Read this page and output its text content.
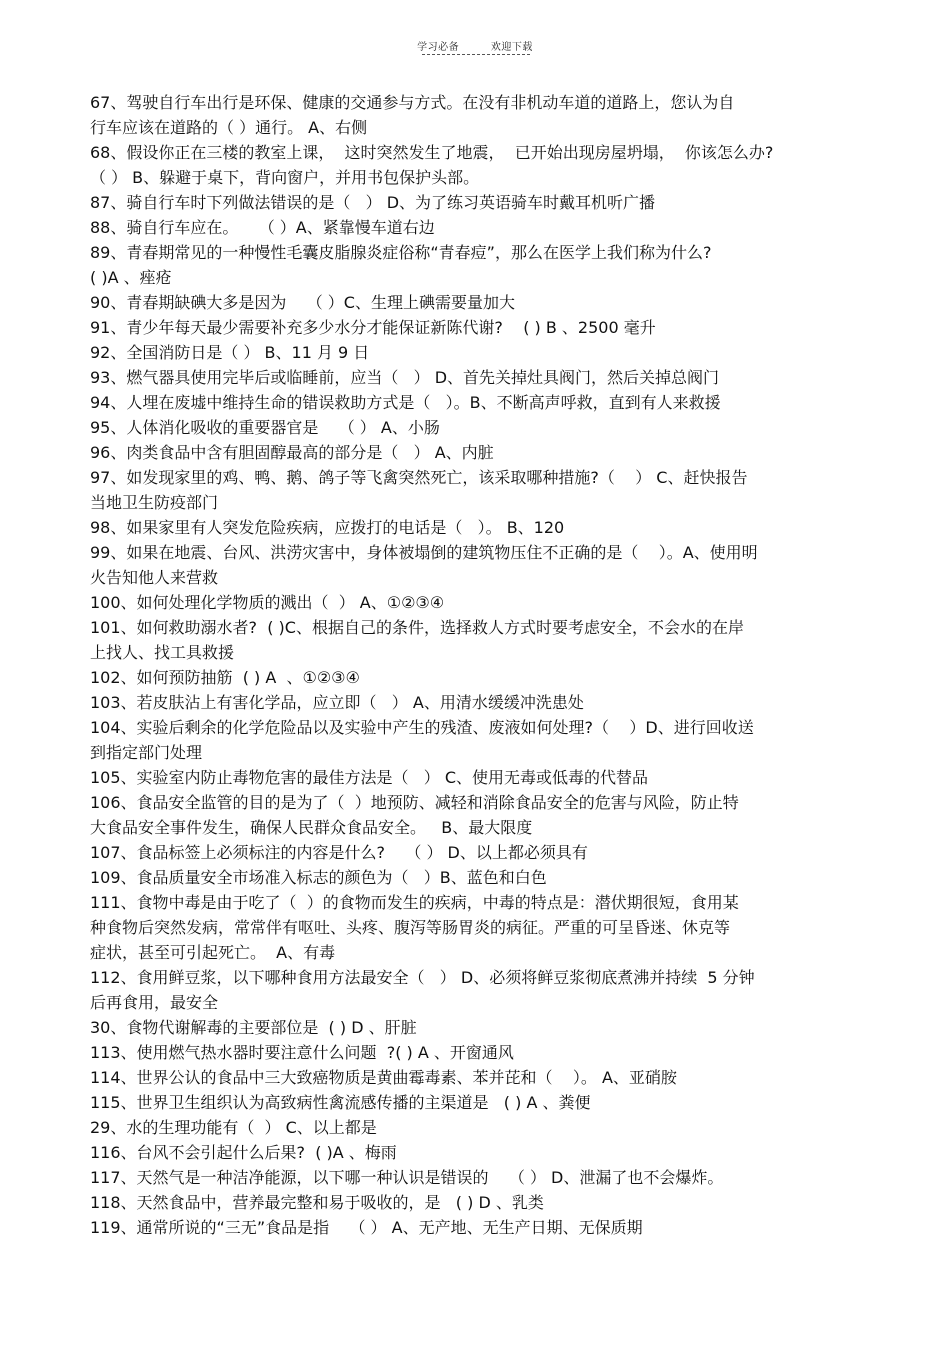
学习必备	欢迎下载
67、驾驶自行车出行是环保、健康的交通参与方式。在没有非机动车道的道路上，您认为自
行车应该在道路的（ ）通行。 A、右侧
68、假设你正在三楼的教室上课，  这时突然发生了地震，  已开始出现房屋坍塌，  你该怎么办?
（ ） B、躲避于桌下，背向窗户，并用书包保护头部。
87、骑自行车时下列做法错误的是（   ） D、为了练习英语骑车时戴耳机听广播
88、骑自行车应在。    （ ）A、紧靠慢车道右边
89、青春期常见的一种慢性毛囊皮脂腺炎症俗称“青春痘”，那么在医学上我们称为什么?
( )A 、痤疮
90、青春期缺碘大多是因为    （ ）C、生理上碘需要量加大
91、青少年每天最少需要补充多少水分才能保证新陈代谢?    ( ) B 、2500 毫升
92、全国消防日是（ ） B、11 月 9 日
93、燃气器具使用完毕后或临睡前，应当（   ） D、首先关掉灶具阀门，然后关掉总阀门
94、人埋在废墟中维持生命的错误救助方式是（   ）。B、不断高声呼救，直到有人来救援
95、人体消化吸收的重要器官是    （ ） A、小肠
96、肉类食品中含有胆固醇最高的部分是（   ） A、内脏
97、如发现家里的鸡、鸭、鹅、鸽子等飞禽突然死亡，该采取哪种措施?（    ） C、赶快报告
当地卫生防疫部门
98、如果家里有人突发危险疾病，应拨打的电话是（   ）。 B、120
99、如果在地震、台风、洪涝灾害中，身体被塌倒的建筑物压住不正确的是（    ）。A、使用明
火告知他人来营救
100、如何处理化学物质的溅出（  ） A、①②③④
101、如何救助溺水者?  ( )C、根据自己的条件，选择救人方式时要考虑安全，不会水的在岸
上找人、找工具救援
102、如何预防抽筋  ( ) A  、①②③④
103、若皮肤沾上有害化学品，应立即（   ） A、用清水缓缓冲洗患处
104、实验后剩余的化学危险品以及实验中产生的残渣、废液如何处理?（    ）D、进行回收送
到指定部门处理
105、实验室内防止毒物危害的最佳方法是（   ） C、使用无毒或低毒的代替品
106、食品安全监管的目的是为了（  ）地预防、减轻和消除食品安全的危害与风险，防止特
大食品安全事件发生，确保人民群众食品安全。   B、最大限度
107、食品标签上必须标注的内容是什么?    （ ） D、以上都必须具有
109、食品质量安全市场准入标志的颜色为（   ）B、蓝色和白色
111、食物中毒是由于吃了（  ）的食物而发生的疾病，中毒的特点是：潜伏期很短，食用某
种食物后突然发病，常常伴有呕吐、头疼、腹泻等肠胃炎的病征。严重的可呈昏迷、休克等
症状，甚至可引起死亡。  A、有毒
112、食用鲜豆浆，以下哪种食用方法最安全（   ） D、必须将鲜豆浆彻底煮沸并持续  5 分钟
后再食用，最安全
30、食物代谢解毒的主要部位是  ( ) D 、肝脏
113、使用燃气热水器时要注意什么问题  ?( ) A 、开窗通风
114、世界公认的食品中三大致癌物质是黄曲霉毒素、苯并芘和（    ）。 A、亚硝胺
115、世界卫生组织认为高致病性禽流感传播的主渠道是   ( ) A 、粪便
29、水的生理功能有（  ） C、以上都是
116、台风不会引起什么后果?  ( )A 、梅雨
117、天然气是一种洁净能源，以下哪一种认识是错误的    （ ） D、泄漏了也不会爆炸。
118、天然食品中，营养最完整和易于吸收的，是   ( ) D 、乳类
119、通常所说的“三无”食品是指    （ ） A、无产地、无生产日期、无保质期
